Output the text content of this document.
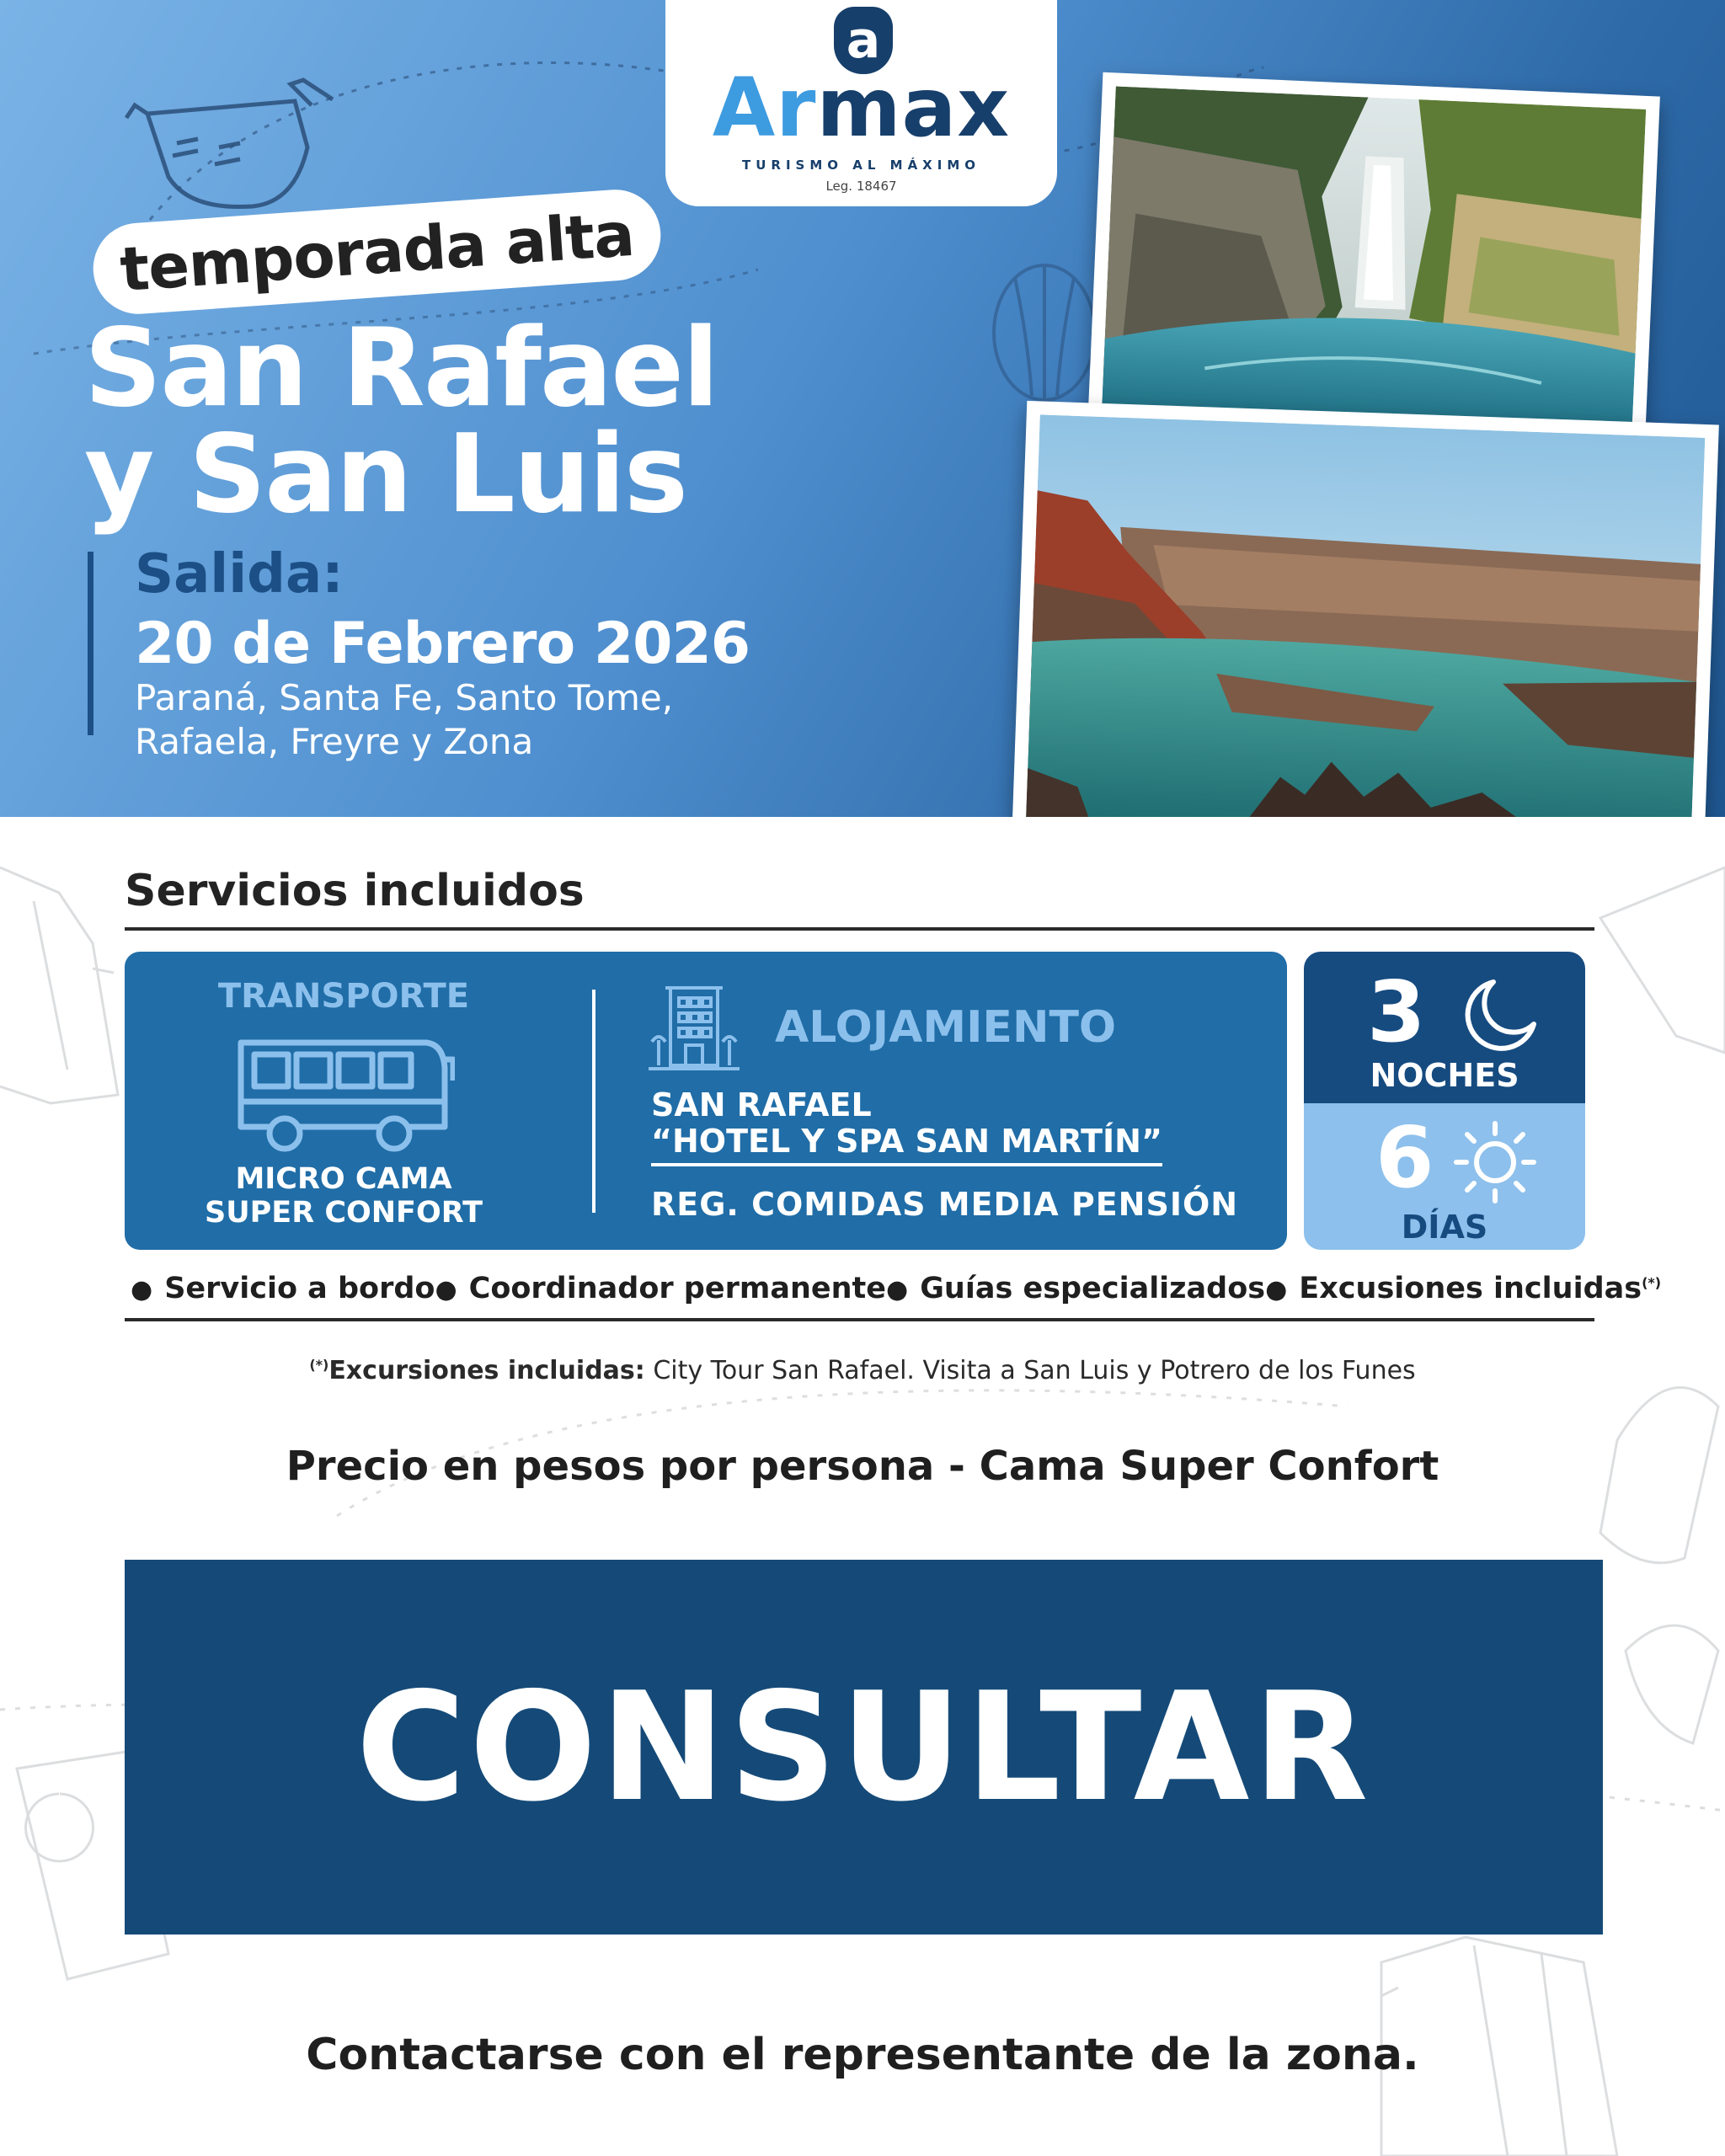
a
Armax
TURISMO AL MÁXIMO
Leg. 18467
temporada alta
San Rafael
y San Luis
Salida:
20 de Febrero 2026
Paraná, Santa Fe, Santo Tome,
Rafaela, Freyre y Zona
Servicios incluidos
TRANSPORTE
MICRO CAMA
SUPER CONFORT
ALOJAMIENTO
SAN RAFAEL
“HOTEL Y SPA SAN MARTÍN”
REG. COMIDAS MEDIA PENSIÓN
3
NOCHES
6
DÍAS
● Servicio a bordo	● Coordinador permanente	● Guías especializados	● Excusiones incluidas(*)
(*)Excursiones incluidas: City Tour San Rafael. Visita a San Luis y Potrero de los Funes
Precio en pesos por persona - Cama Super Confort
CONSULTAR
Contactarse con el representante de la zona.
